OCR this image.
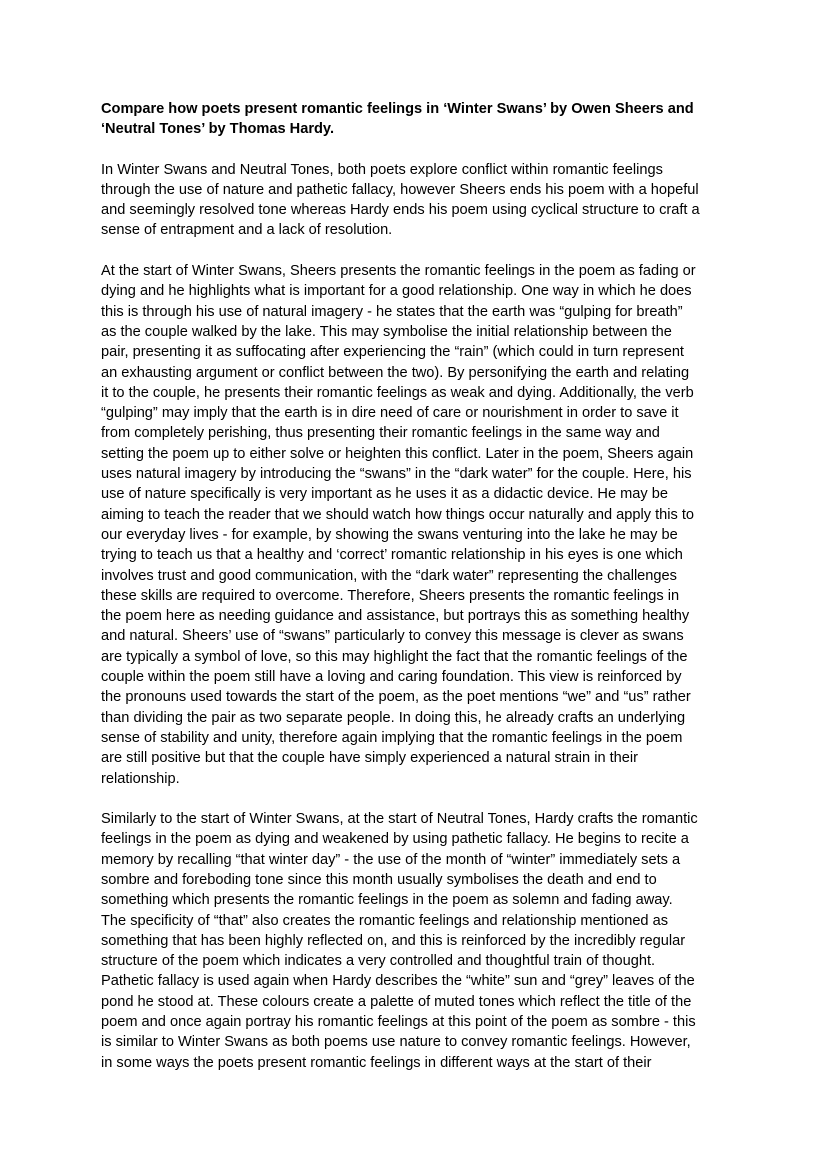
Compare how poets present romantic feelings in ‘Winter Swans’ by Owen Sheers and
‘Neutral Tones’ by Thomas Hardy.
In Winter Swans and Neutral Tones, both poets explore conflict within romantic feelings
through the use of nature and pathetic fallacy, however Sheers ends his poem with a hopeful
and seemingly resolved tone whereas Hardy ends his poem using cyclical structure to craft a
sense of entrapment and a lack of resolution.
At the start of Winter Swans, Sheers presents the romantic feelings in the poem as fading or
dying and he highlights what is important for a good relationship. One way in which he does
this is through his use of natural imagery - he states that the earth was “gulping for breath”
as the couple walked by the lake. This may symbolise the initial relationship between the
pair, presenting it as suffocating after experiencing the “rain” (which could in turn represent
an exhausting argument or conflict between the two). By personifying the earth and relating
it to the couple, he presents their romantic feelings as weak and dying. Additionally, the verb
“gulping” may imply that the earth is in dire need of care or nourishment in order to save it
from completely perishing, thus presenting their romantic feelings in the same way and
setting the poem up to either solve or heighten this conflict. Later in the poem, Sheers again
uses natural imagery by introducing the “swans” in the “dark water” for the couple. Here, his
use of nature specifically is very important as he uses it as a didactic device. He may be
aiming to teach the reader that we should watch how things occur naturally and apply this to
our everyday lives - for example, by showing the swans venturing into the lake he may be
trying to teach us that a healthy and ‘correct’ romantic relationship in his eyes is one which
involves trust and good communication, with the “dark water” representing the challenges
these skills are required to overcome. Therefore, Sheers presents the romantic feelings in
the poem here as needing guidance and assistance, but portrays this as something healthy
and natural. Sheers’ use of “swans” particularly to convey this message is clever as swans
are typically a symbol of love, so this may highlight the fact that the romantic feelings of the
couple within the poem still have a loving and caring foundation. This view is reinforced by
the pronouns used towards the start of the poem, as the poet mentions “we” and “us” rather
than dividing the pair as two separate people. In doing this, he already crafts an underlying
sense of stability and unity, therefore again implying that the romantic feelings in the poem
are still positive but that the couple have simply experienced a natural strain in their
relationship.
Similarly to the start of Winter Swans, at the start of Neutral Tones, Hardy crafts the romantic
feelings in the poem as dying and weakened by using pathetic fallacy. He begins to recite a
memory by recalling “that winter day” - the use of the month of “winter” immediately sets a
sombre and foreboding tone since this month usually symbolises the death and end to
something which presents the romantic feelings in the poem as solemn and fading away.
The specificity of “that” also creates the romantic feelings and relationship mentioned as
something that has been highly reflected on, and this is reinforced by the incredibly regular
structure of the poem which indicates a very controlled and thoughtful train of thought.
Pathetic fallacy is used again when Hardy describes the “white” sun and “grey” leaves of the
pond he stood at. These colours create a palette of muted tones which reflect the title of the
poem and once again portray his romantic feelings at this point of the poem as sombre - this
is similar to Winter Swans as both poems use nature to convey romantic feelings. However,
in some ways the poets present romantic feelings in different ways at the start of their
